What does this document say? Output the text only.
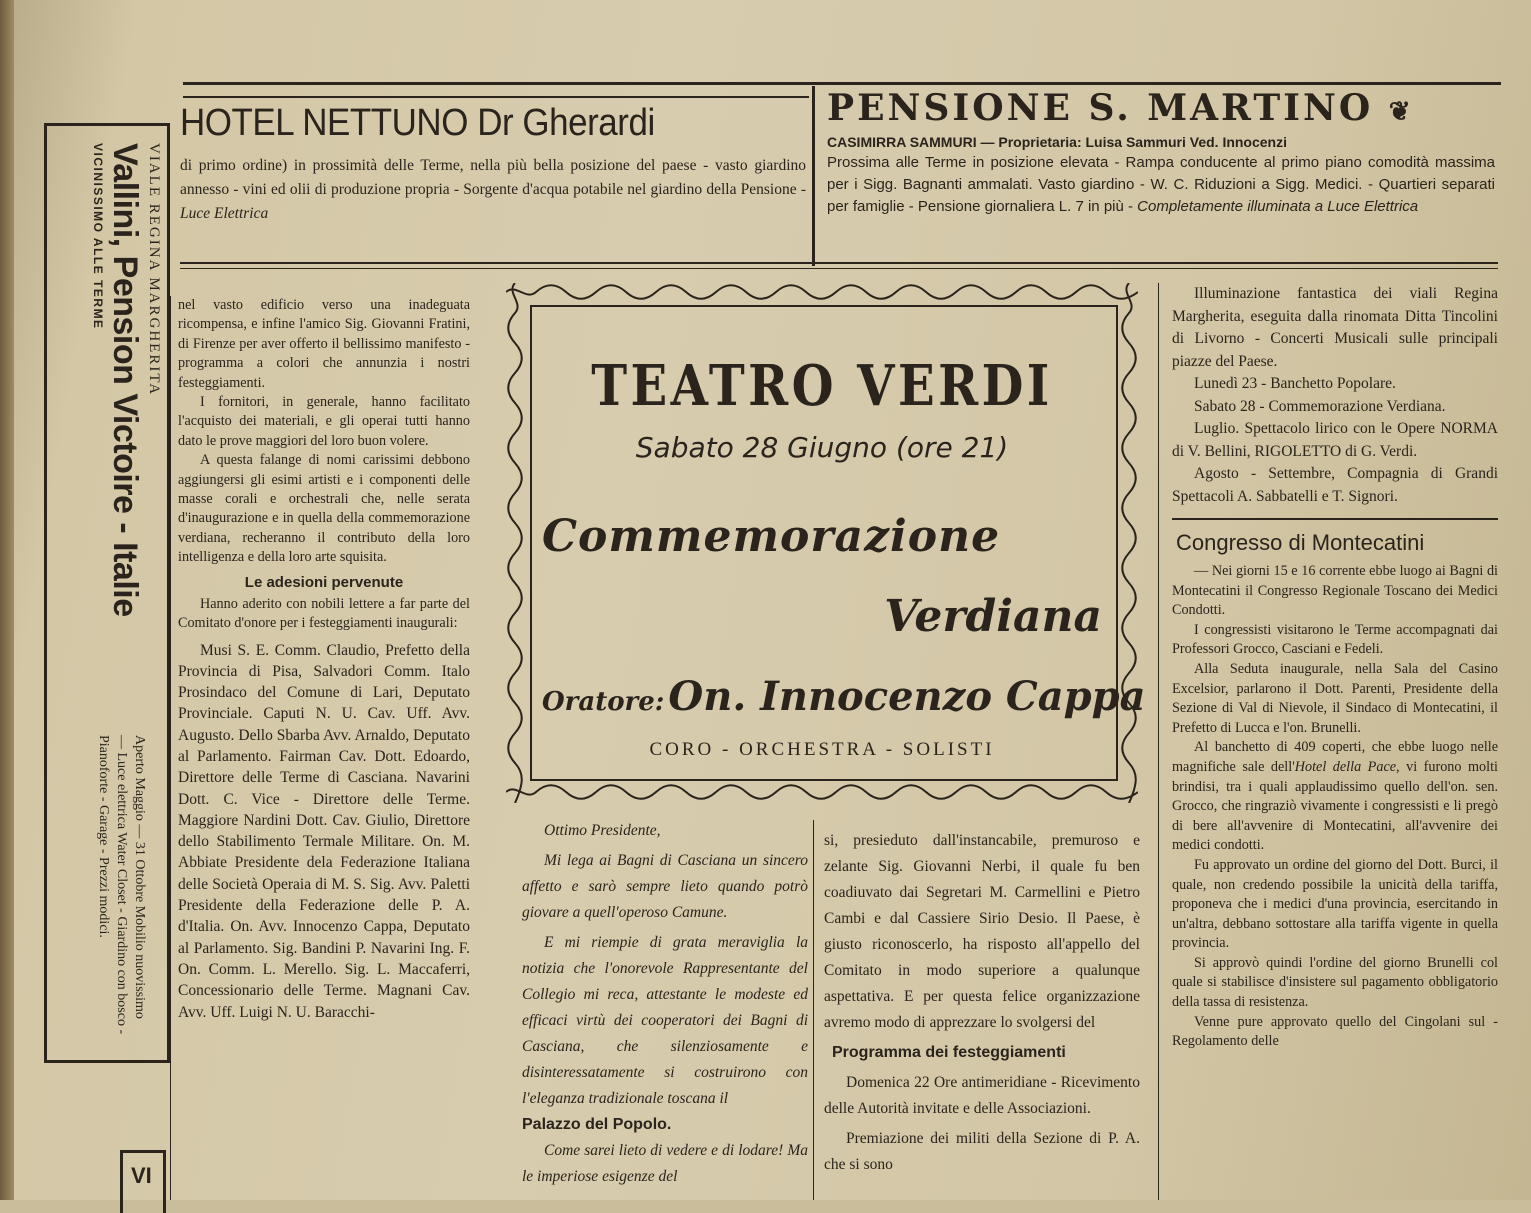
HOTEL NETTUNO Dr Gherardi

di primo ordine) in prossimità delle Terme, nella più bella posizione del paese - vasto giardino annesso - vini ed olii di produzione propria - Sorgente d'acqua potabile nel giardino della Pensione - Luce Elettrica

PENSIONE S. MARTINO ❦

CASIMIRRA SAMMURI — Proprietaria: Luisa Sammuri Ved. Innocenzi

Prossima alle Terme in posizione elevata - Rampa conducente al primo piano comodità massima per i Sigg. Bagnanti ammalati. Vasto giardino - W. C. Riduzioni a Sigg. Medici. - Quartieri separati per famiglie - Pensione giornaliera L. 7 in più - Completamente illuminata a Luce Elettrica

VIALE REGINA MARGHERITA

Vallini, Pension Victoire - Italie

VICINISSIMO ALLE TERME

Aperto Maggio — 31 Ottobre Mobilio nuovissimo — Luce elettrica Water Closet - Giardino con bosco - Pianoforte - Garage - Prezzi modici.

VI

nel vasto edificio verso una inadeguata ricompensa, e infine l'amico Sig. Giovanni Fratini, di Firenze per aver offerto il bellissimo manifesto - programma a colori che annunzia i nostri festeggiamenti.

I fornitori, in generale, hanno facilitato l'acquisto dei materiali, e gli operai tutti hanno dato le prove maggiori del loro buon volere.

A questa falange di nomi carissimi debbono aggiungersi gli esimi artisti e i componenti delle masse corali e orchestrali che, nelle serata d'inaugurazione e in quella della commemorazione verdiana, recheranno il contributo della loro intelligenza e della loro arte squisita.

Le adesioni pervenute

Hanno aderito con nobili lettere a far parte del Comitato d'onore per i festeggiamenti inaugurali:

Musi S. E. Comm. Claudio, Prefetto della Provincia di Pisa, Salvadori Comm. Italo Prosindaco del Comune di Lari, Deputato Provinciale. Caputi N. U. Cav. Uff. Avv. Augusto. Dello Sbarba Avv. Arnaldo, Deputato al Parlamento. Fairman Cav. Dott. Edoardo, Direttore delle Terme di Casciana. Navarini Dott. C. Vice - Direttore delle Terme. Maggiore Nardini Dott. Cav. Giulio, Direttore dello Stabilimento Termale Militare. On. M. Abbiate Presidente dela Federazione Italiana delle Società Operaia di M. S. Sig. Avv. Paletti Presidente della Federazione delle P. A. d'Italia. On. Avv. Innocenzo Cappa, Deputato al Parlamento. Sig. Bandini P. Navarini Ing. F. On. Comm. L. Merello. Sig. L. Maccaferri, Concessionario delle Terme. Magnani Cav. Avv. Uff. Luigi N. U. Baracchi-

TEATRO VERDI

Sabato 28 Giugno (ore 21)

Commemorazione

Verdiana

Oratore: On. Innocenzo Cappa

CORO - ORCHESTRA - SOLISTI

Ottimo Presidente,

Mi lega ai Bagni di Casciana un sincero affetto e sarò sempre lieto quando potrò giovare a quell'operoso Camune.

E mi riempie di grata meraviglia la notizia che l'onorevole Rappresentante del Collegio mi reca, attestante le modeste ed efficaci virtù dei cooperatori dei Bagni di Casciana, che silenziosamente e disinteressatamente si costruirono con l'eleganza tradizionale toscana il

Palazzo del Popolo.

Come sarei lieto di vedere e di lodare! Ma le imperiose esigenze del

si, presieduto dall'instancabile, premuroso e zelante Sig. Giovanni Nerbi, il quale fu ben coadiuvato dai Segretari M. Carmellini e Pietro Cambi e dal Cassiere Sirio Desio. Il Paese, è giusto riconoscerlo, ha risposto all'appello del Comitato in modo superiore a qualunque aspettativa. E per questa felice organizzazione avremo modo di apprezzare lo svolgersi del

Programma dei festeggiamenti

Domenica 22 Ore antimeridiane - Ricevimento delle Autorità invitate e delle Associazioni.

Premiazione dei militi della Sezione di P. A. che si sono

Illuminazione fantastica dei viali Regina Margherita, eseguita dalla rinomata Ditta Tincolini di Livorno - Concerti Musicali sulle principali piazze del Paese.

Lunedì 23 - Banchetto Popolare.

Sabato 28 - Commemorazione Verdiana.

Luglio. Spettacolo lirico con le Opere NORMA di V. Bellini, RIGOLETTO di G. Verdi.

Agosto - Settembre, Compagnia di Grandi Spettacoli A. Sabbatelli e T. Signori.

Congresso di Montecatini

— Nei giorni 15 e 16 corrente ebbe luogo ai Bagni di Montecatini il Congresso Regionale Toscano dei Medici Condotti.

I congressisti visitarono le Terme accompagnati dai Professori Grocco, Casciani e Fedeli.

Alla Seduta inaugurale, nella Sala del Casino Excelsior, parlarono il Dott. Parenti, Presidente della Sezione di Val di Nievole, il Sindaco di Montecatini, il Prefetto di Lucca e l'on. Brunelli.

Al banchetto di 409 coperti, che ebbe luogo nelle magnifiche sale dell'Hotel della Pace, vi furono molti brindisi, tra i quali applaudissimo quello dell'on. sen. Grocco, che ringraziò vivamente i congressisti e li pregò di bere all'avvenire di Montecatini, all'avvenire dei medici condotti.

Fu approvato un ordine del giorno del Dott. Burci, il quale, non credendo possibile la unicità della tariffa, proponeva che i medici d'una provincia, esercitando in un'altra, debbano sottostare alla tariffa vigente in quella provincia.

Si approvò quindi l'ordine del giorno Brunelli col quale si stabilisce d'insistere sul pagamento obbligatorio della tassa di resistenza.

Venne pure approvato quello del Cingolani sul - Regolamento delle
